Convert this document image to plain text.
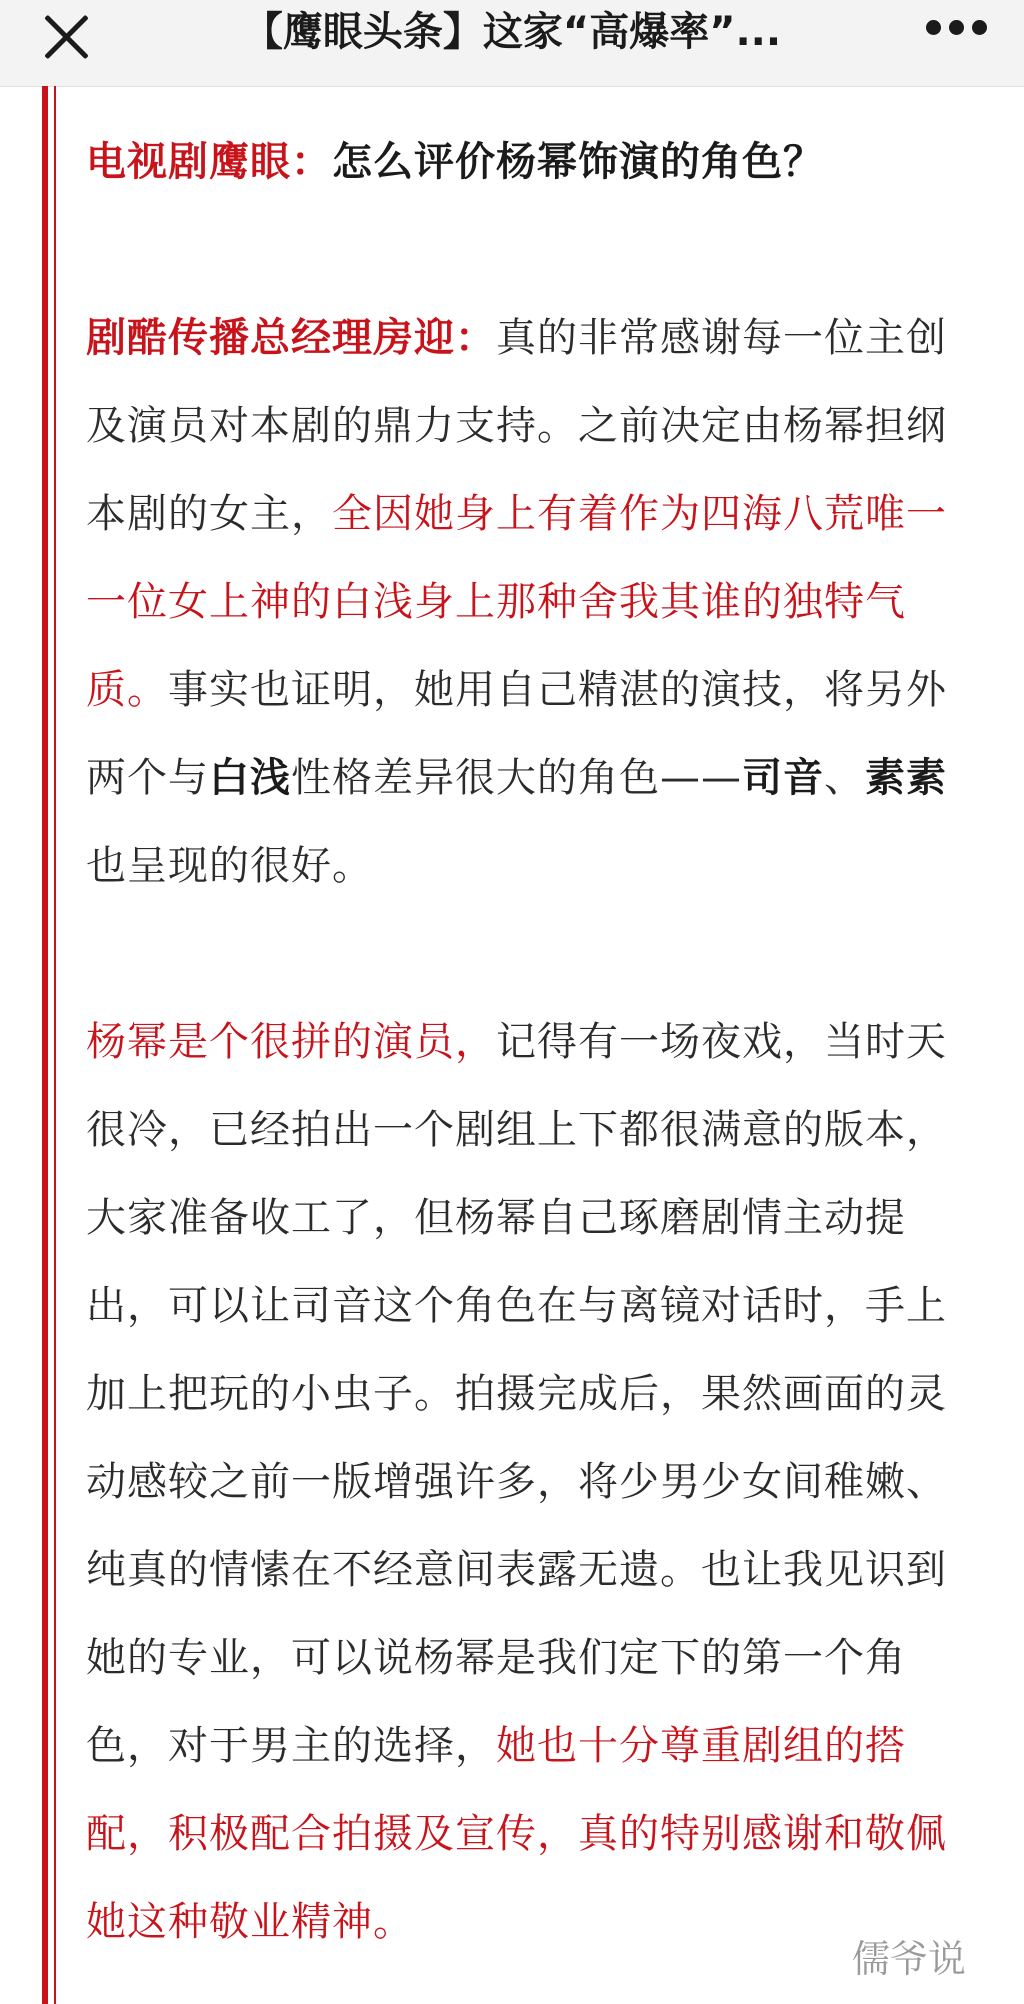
【鹰眼头条】这家“高爆率”...

电视剧鹰眼：怎么评价杨幂饰演的角色？

剧酷传播总经理房迎：真的非常感谢每一位主创及演员对本剧的鼎力支持。之前决定由杨幂担纲本剧的女主，全因她身上有着作为四海八荒唯一一位女上神的白浅身上那种舍我其谁的独特气质。事实也证明，她用自己精湛的演技，将另外两个与白浅性格差异很大的角色——司音、素素也呈现的很好。

杨幂是个很拼的演员，记得有一场夜戏，当时天很冷，已经拍出一个剧组上下都很满意的版本，大家准备收工了，但杨幂自己琢磨剧情主动提出，可以让司音这个角色在与离镜对话时，手上加上把玩的小虫子。拍摄完成后，果然画面的灵动感较之前一版增强许多，将少男少女间稚嫩、纯真的情愫在不经意间表露无遗。也让我见识到她的专业，可以说杨幂是我们定下的第一个角色，对于男主的选择，她也十分尊重剧组的搭配，积极配合拍摄及宣传，真的特别感谢和敬佩她这种敬业精神。

儒爷说
